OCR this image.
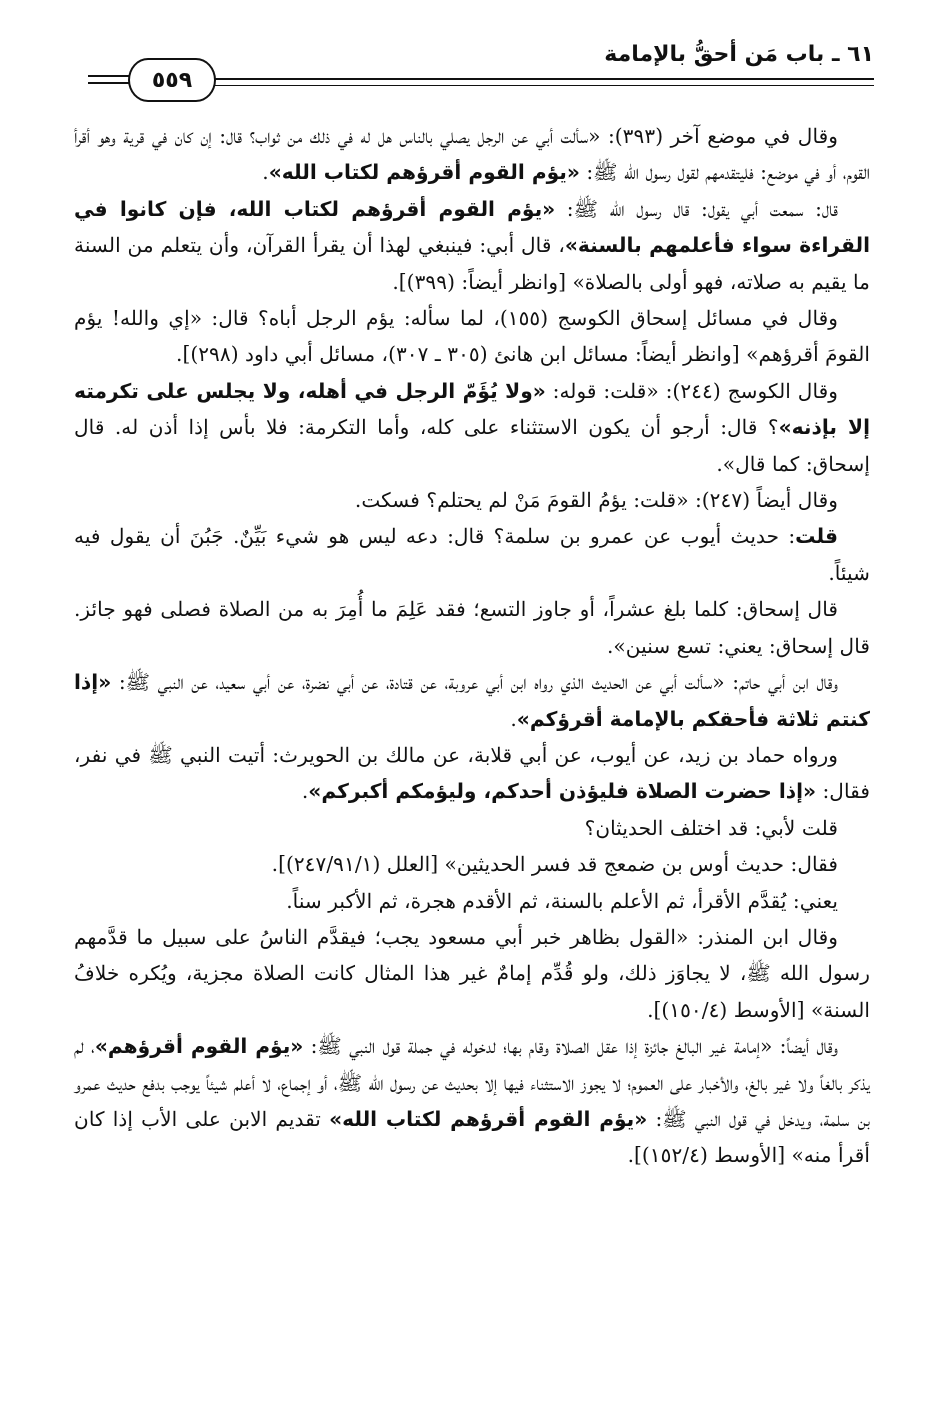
٦١ ـ باب مَن أحقُّ بالإمامة
٥٥٩

وقال في موضع آخر (٣٩٣): «سألت أبي عن الرجل يصلي بالناس هل له في ذلك من ثواب؟ قال: إن كان في قرية وهو أقرأ القوم، أو في موضع: فليتقدمهم لقول رسول الله ﷺ: «يؤم القوم أقرؤهم لكتاب الله».

قال: سمعت أبي يقول: قال رسول الله ﷺ: «يؤم القوم أقرؤهم لكتاب الله، فإن كانوا في القراءة سواء فأعلمهم بالسنة»، قال أبي: فينبغي لهذا أن يقرأ القرآن، وأن يتعلم من السنة ما يقيم به صلاته، فهو أولى بالصلاة» [وانظر أيضاً: (٣٩٩)].

وقال في مسائل إسحاق الكوسج (١٥٥)، لما سأله: يؤم الرجل أباه؟ قال: «إي والله! يؤم القومَ أقرؤهم» [وانظر أيضاً: مسائل ابن هانئ (٣٠٥ ـ ٣٠٧)، مسائل أبي داود (٢٩٨)].

وقال الكوسج (٢٤٤): «قلت: قوله: «ولا يُؤَمّ الرجل في أهله، ولا يجلس على تكرمته إلا بإذنه»؟ قال: أرجو أن يكون الاستثناء على كله، وأما التكرمة: فلا بأس إذا أذن له. قال إسحاق: كما قال».

وقال أيضاً (٢٤٧): «قلت: يؤمُ القومَ مَنْ لم يحتلم؟ فسكت.

قلت: حديث أيوب عن عمرو بن سلمة؟ قال: دعه ليس هو شيء بَيِّنٌ. جَبُنَ أن يقول فيه شيئاً.

قال إسحاق: كلما بلغ عشراً، أو جاوز التسع؛ فقد عَلِمَ ما أُمِرَ به من الصلاة فصلى فهو جائز. قال إسحاق: يعني: تسع سنين».

وقال ابن أبي حاتم: «سألت أبي عن الحديث الذي رواه ابن أبي عروبة، عن قتادة، عن أبي نضرة، عن أبي سعيد، عن النبي ﷺ: «إذا كنتم ثلاثة فأحقكم بالإمامة أقرؤكم».

ورواه حماد بن زيد، عن أيوب، عن أبي قلابة، عن مالك بن الحويرث: أتيت النبي ﷺ في نفر، فقال: «إذا حضرت الصلاة فليؤذن أحدكم، وليؤمكم أكبركم».

قلت لأبي: قد اختلف الحديثان؟

فقال: حديث أوس بن ضمعج قد فسر الحديثين» [العلل (٢٤٧/٩١/١)].

يعني: يُقدَّم الأقرأ، ثم الأعلم بالسنة، ثم الأقدم هجرة، ثم الأكبر سناً.

وقال ابن المنذر: «القول بظاهر خبر أبي مسعود يجب؛ فيقدَّم الناسُ على سبيل ما قدَّمهم رسول الله ﷺ، لا يجاوَز ذلك، ولو قُدِّم إمامٌ غير هذا المثال كانت الصلاة مجزية، ويُكره خلافُ السنة» [الأوسط (١٥٠/٤)].

وقال أيضاً: «إمامة غير البالغ جائزة إذا عقل الصلاة وقام بها؛ لدخوله في جملة قول النبي ﷺ: «يؤم القوم أقرؤهم»، لم يذكر بالغاً ولا غير بالغ، والأخبار على العموم؛ لا يجوز الاستثناء فيها إلا بحديث عن رسول الله ﷺ، أو إجماع، لا أعلم شيئاً يوجب بدفع حديث عمرو بن سلمة، ويدخل في قول النبي ﷺ: «يؤم القوم أقرؤهم لكتاب الله» تقديم الابن على الأب إذا كان أقرأ منه» [الأوسط (١٥٢/٤)].
